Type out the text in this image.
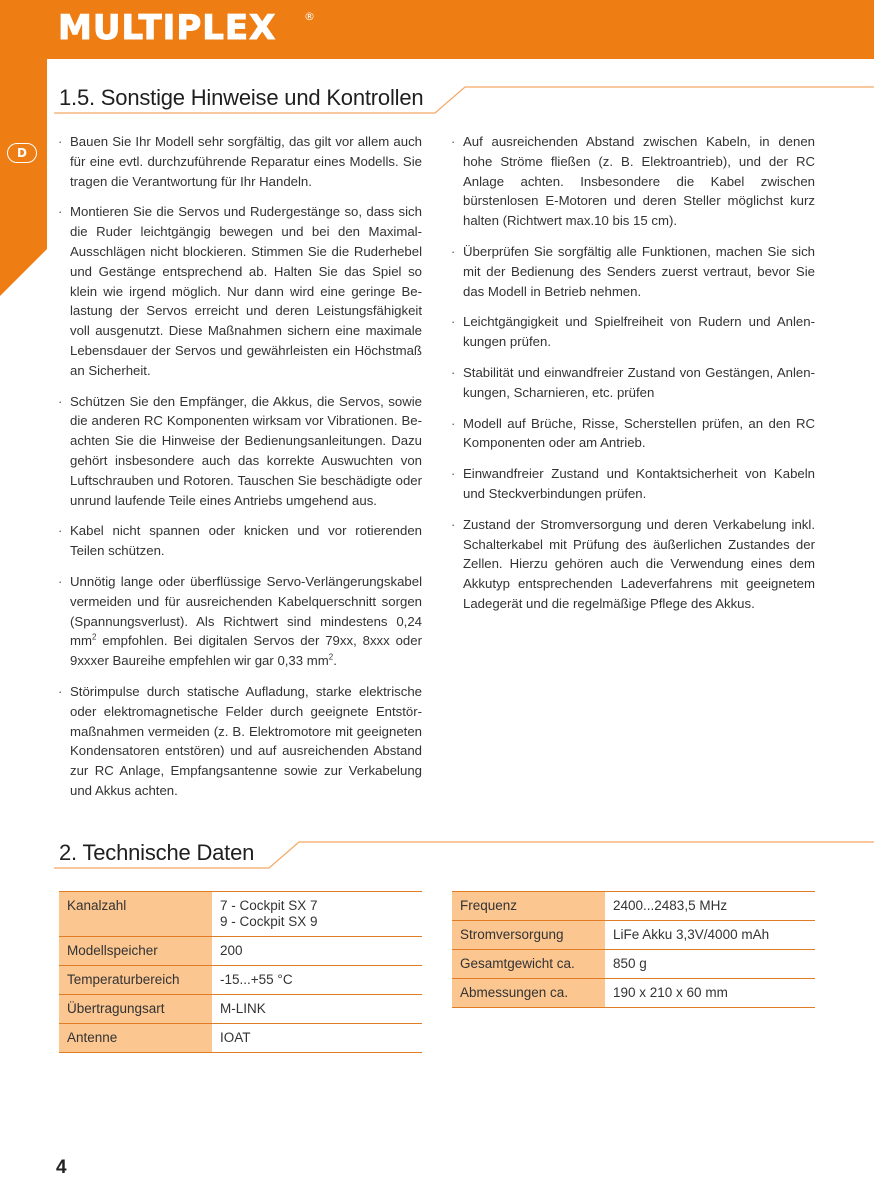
MULTIPLEX	®
D
1.5. Sonstige Hinweise und Kontrollen
· Bauen Sie Ihr Modell sehr sorgfältig, das gilt vor allem auch für eine evtl. durchzuführende Reparatur eines Modells. Sie tragen die Verantwortung für Ihr Handeln.
· Montieren Sie die Servos und Rudergestänge so, dass sich die Ruder leichtgängig bewegen und bei den Maximal-Ausschlägen nicht blockieren. Stimmen Sie die Ruderhebel und Gestänge entsprechend ab. Halten Sie das Spiel so klein wie irgend möglich. Nur dann wird eine geringe Be-lastung der Servos erreicht und deren Leistungsfähigkeit voll ausgenutzt. Diese Maßnahmen sichern eine maximale Lebensdauer der Servos und gewährleisten ein Höchstmaß an Sicherheit.
· Schützen Sie den Empfänger, die Akkus, die Servos, sowie die anderen RC Komponenten wirksam vor Vibrationen. Be-achten Sie die Hinweise der Bedienungsanleitungen. Dazu gehört insbesondere auch das korrekte Auswuchten von Luftschrauben und Rotoren. Tauschen Sie beschädigte oder unrund laufende Teile eines Antriebs umgehend aus.
· Kabel nicht spannen oder knicken und vor rotierenden Teilen schützen.
· Unnötig lange oder überflüssige Servo-Verlängerungskabel vermeiden und für ausreichenden Kabelquerschnitt sorgen (Spannungsverlust). Als Richtwert sind mindestens 0,24 $mm^2$ empfohlen. Bei digitalen Servos der 79xx, 8xxx oder 9xxxer Baureihe empfehlen wir gar 0,33 $mm^2$.
· Störimpulse durch statische Aufladung, starke elektrische oder elektromagnetische Felder durch geeignete Entstör-maßnahmen vermeiden (z. B. Elektromotore mit geeigneten Kondensatoren entstören) und auf ausreichenden Abstand zur RC Anlage, Empfangsantenne sowie zur Verkabelung und Akkus achten.
· Auf ausreichenden Abstand zwischen Kabeln, in denen hohe Ströme fließen (z. B. Elektroantrieb), und der RC Anlage achten. Insbesondere die Kabel zwischen bürstenlosen E-Motoren und deren Steller möglichst kurz halten (Richtwert max.10 bis 15 cm).
· Überprüfen Sie sorgfältig alle Funktionen, machen Sie sich mit der Bedienung des Senders zuerst vertraut, bevor Sie das Modell in Betrieb nehmen.
· Leichtgängigkeit und Spielfreiheit von Rudern und Anlen-kungen prüfen.
· Stabilität und einwandfreier Zustand von Gestängen, Anlen-kungen, Scharnieren, etc. prüfen
· Modell auf Brüche, Risse, Scherstellen prüfen, an den RC Komponenten oder am Antrieb.
· Einwandfreier Zustand und Kontaktsicherheit von Kabeln und Steckverbindungen prüfen.
· Zustand der Stromversorgung und deren Verkabelung inkl. Schalterkabel mit Prüfung des äußerlichen Zustandes der Zellen. Hierzu gehören auch die Verwendung eines dem Akkutyp entsprechenden Ladeverfahrens mit geeignetem Ladegerät und die regelmäßige Pflege des Akkus.
2. Technische Daten
Kanalzahl	7 - Cockpit SX 7
9 - Cockpit SX 9

Modellspeicher	200
Temperaturbereich	-15...+55 °C
Übertragungsart	M-LINK
Antenne	IOAT
Frequenz	2400...2483,5 MHz
Stromversorgung	LiFe Akku 3,3V/4000 mAh
Gesamtgewicht ca.	850 g
Abmessungen ca.	190 x 210 x 60 mm
4
